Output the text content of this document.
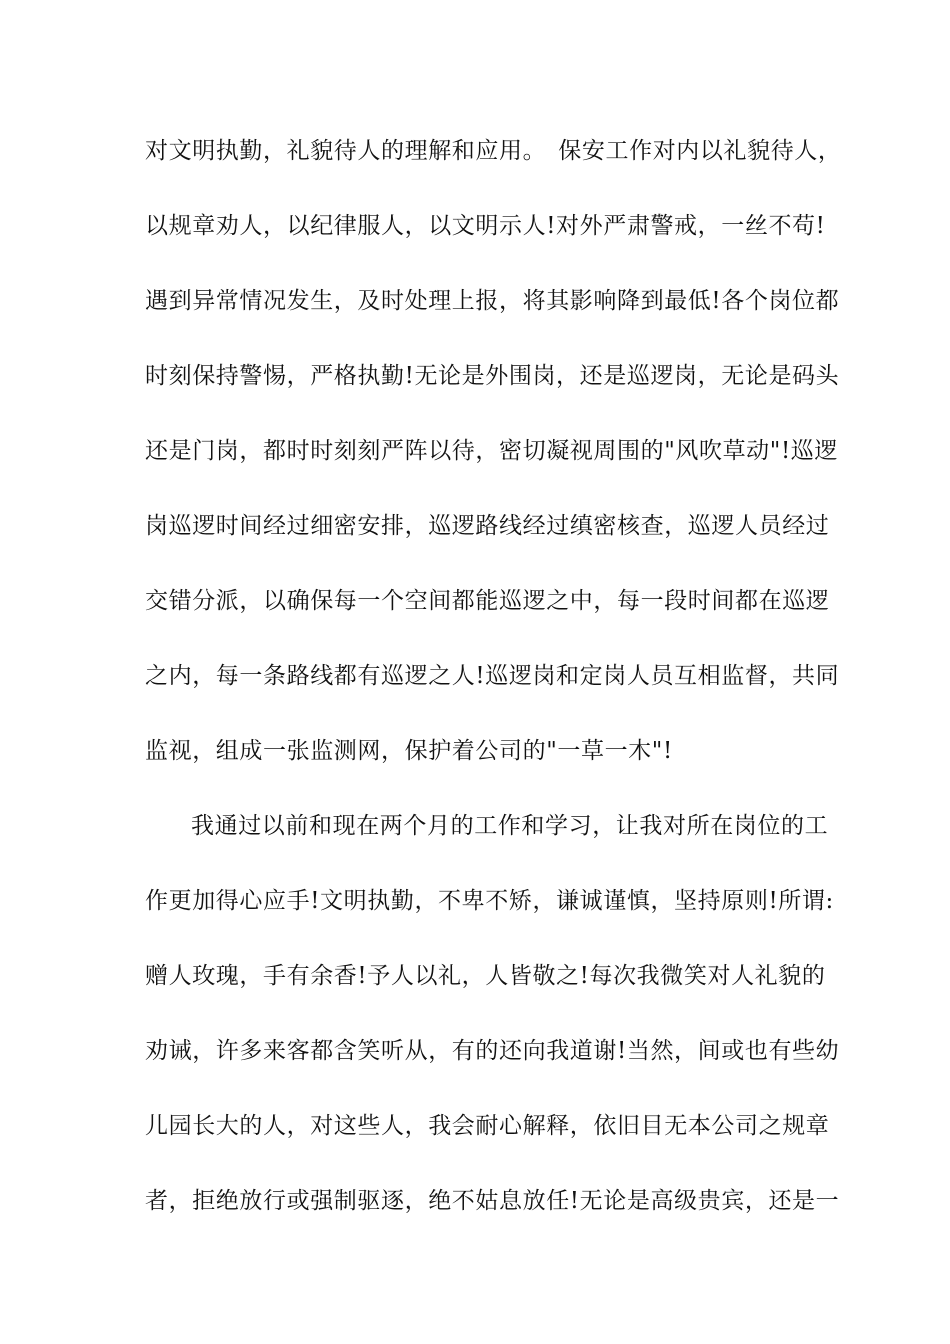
对文明执勤，礼貌待人的理解和应用。　保安工作对内以礼貌待人，
以规章劝人，以纪律服人，以文明示人!对外严肃警戒，一丝不苟!
遇到异常情况发生，及时处理上报，将其影响降到最低!各个岗位都
时刻保持警惕，严格执勤!无论是外围岗，还是巡逻岗，无论是码头
还是门岗，都时时刻刻严阵以待，密切凝视周围的"风吹草动"!巡逻
岗巡逻时间经过细密安排，巡逻路线经过缜密核查，巡逻人员经过
交错分派，以确保每一个空间都能巡逻之中，每一段时间都在巡逻
之内，每一条路线都有巡逻之人!巡逻岗和定岗人员互相监督，共同
监视，组成一张监测网，保护着公司的"一草一木"!
我通过以前和现在两个月的工作和学习，让我对所在岗位的工
作更加得心应手!文明执勤，不卑不矫，谦诚谨慎，坚持原则!所谓:
赠人玫瑰，手有余香!予人以礼，人皆敬之!每次我微笑对人礼貌的
劝诫，许多来客都含笑听从，有的还向我道谢!当然，间或也有些幼
儿园长大的人，对这些人，我会耐心解释，依旧目无本公司之规章
者，拒绝放行或强制驱逐，绝不姑息放任!无论是高级贵宾，还是一
